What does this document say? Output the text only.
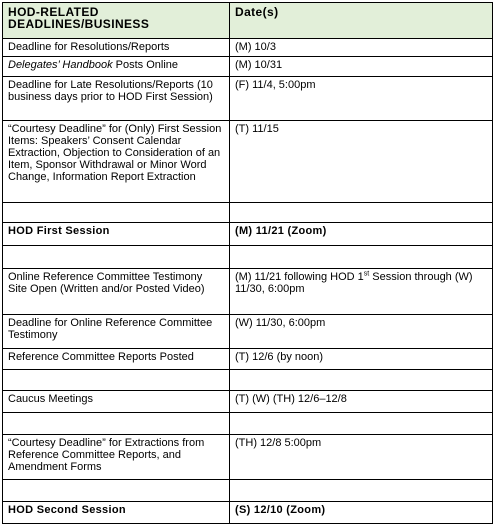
HOD-RELATED DEADLINES/BUSINESS	Date(s)
Deadline for Resolutions/Reports	(M) 10/3
Delegates’ Handbook Posts Online	(M) 10/31
Deadline for Late Resolutions/Reports (10 business days prior to HOD First Session)	(F) 11/4, 5:00pm
“Courtesy Deadline” for (Only) First Session Items: Speakers’ Consent Calendar Extraction, Objection to Consideration of an Item, Sponsor Withdrawal or Minor Word Change, Information Report Extraction	(T) 11/15

HOD First Session	(M) 11/21 (Zoom)

Online Reference Committee Testimony Site Open (Written and/or Posted Video)	(M) 11/21 following HOD 1st Session through (W) 11/30, 6:00pm
Deadline for Online Reference Committee Testimony	(W) 11/30, 6:00pm
Reference Committee Reports Posted	(T) 12/6 (by noon)

Caucus Meetings	(T) (W) (TH) 12/6–12/8

“Courtesy Deadline” for Extractions from Reference Committee Reports, and Amendment Forms	(TH) 12/8 5:00pm

HOD Second Session	(S) 12/10 (Zoom)
